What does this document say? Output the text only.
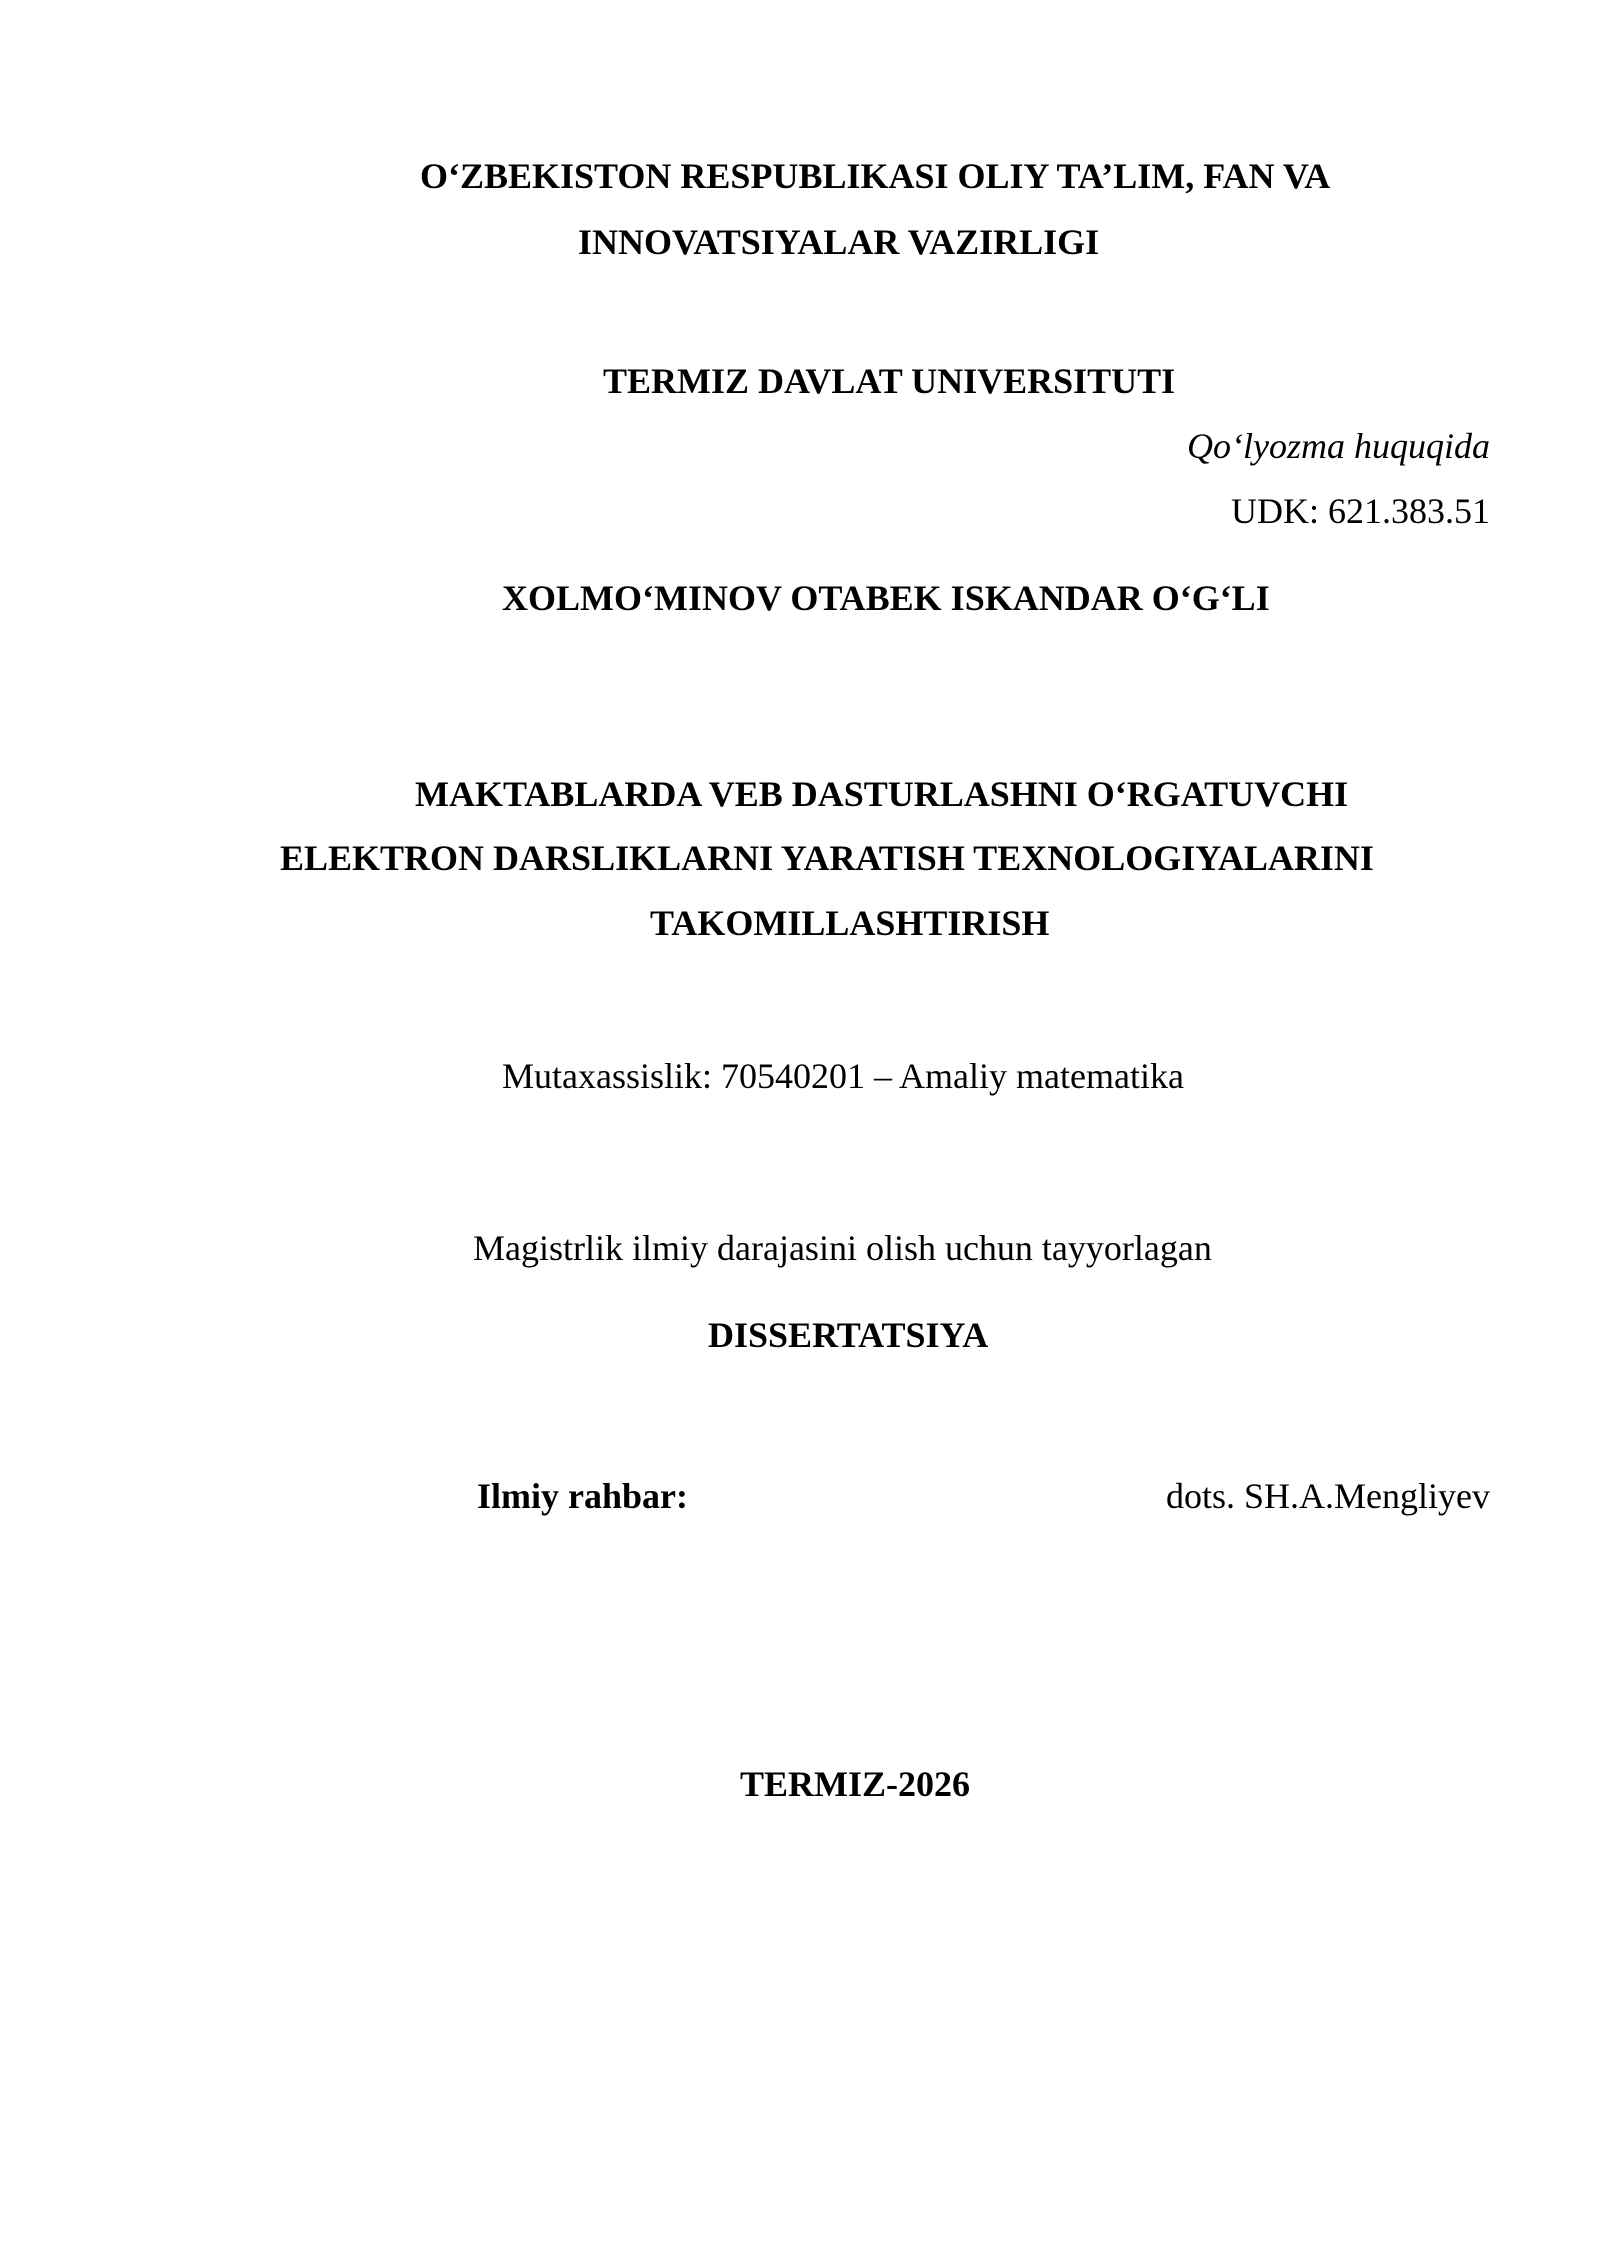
O‘ZBEKISTON RESPUBLIKASI OLIY TA’LIM, FAN VA
INNOVATSIYALAR VAZIRLIGI
TERMIZ DAVLAT UNIVERSITUTI
Qo‘lyozma huquqida
UDK: 621.383.51
XOLMO‘MINOV OTABEK ISKANDAR O‘G‘LI
MAKTABLARDA VEB DASTURLASHNI O‘RGATUVCHI
ELEKTRON DARSLIKLARNI YARATISH TEXNOLOGIYALARINI
TAKOMILLASHTIRISH
Mutaxassislik: 70540201 – Amaliy matematika
Magistrlik ilmiy darajasini olish uchun tayyorlagan
DISSERTATSIYA
Ilmiy rahbar:	dots. SH.A.Mengliyev
TERMIZ-2026
